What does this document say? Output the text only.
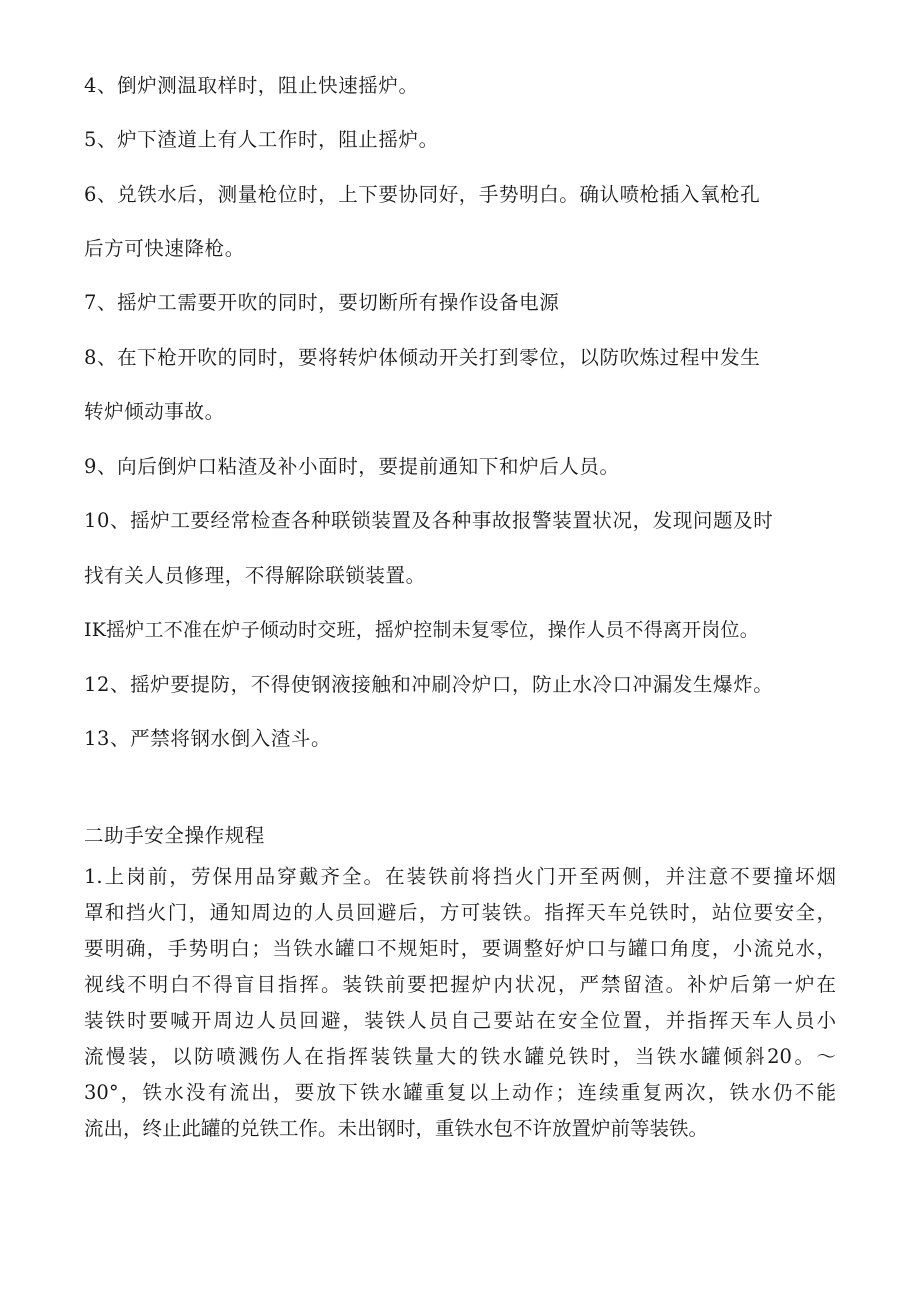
4、倒炉测温取样时，阻止快速摇炉。
5、炉下渣道上有人工作时，阻止摇炉。
6、兑铁水后，测量枪位时，上下要协同好，手势明白。确认喷枪插入氧枪孔
后方可快速降枪。
7、摇炉工需要开吹的同时，要切断所有操作设备电源
8、在下枪开吹的同时，要将转炉体倾动开关打到零位，以防吹炼过程中发生
转炉倾动事故。
9、向后倒炉口粘渣及补小面时，要提前通知下和炉后人员。
10、摇炉工要经常检查各种联锁装置及各种事故报警装置状况，发现问题及时
找有关人员修理，不得解除联锁装置。
IK摇炉工不准在炉子倾动时交班，摇炉控制未复零位，操作人员不得离开岗位。
12、摇炉要提防，不得使钢液接触和冲刷冷炉口，防止水冷口冲漏发生爆炸。
13、严禁将钢水倒入渣斗。
二助手安全操作规程
1.上岗前，劳保用品穿戴齐全。在装铁前将挡火门开至两侧，并注意不要撞坏烟
罩和挡火门，通知周边的人员回避后，方可装铁。指挥天车兑铁时，站位要安全，
要明确，手势明白；当铁水罐口不规矩时，要调整好炉口与罐口角度，小流兑水，
视线不明白不得盲目指挥。装铁前要把握炉内状况，严禁留渣。补炉后第一炉在
装铁时要喊开周边人员回避，装铁人员自己要站在安全位置，并指挥天车人员小
流慢装，以防喷溅伤人在指挥装铁量大的铁水罐兑铁时，当铁水罐倾斜20。～
30°，铁水没有流出，要放下铁水罐重复以上动作；连续重复两次，铁水仍不能
流出，终止此罐的兑铁工作。未出钢时，重铁水包不许放置炉前等装铁。
